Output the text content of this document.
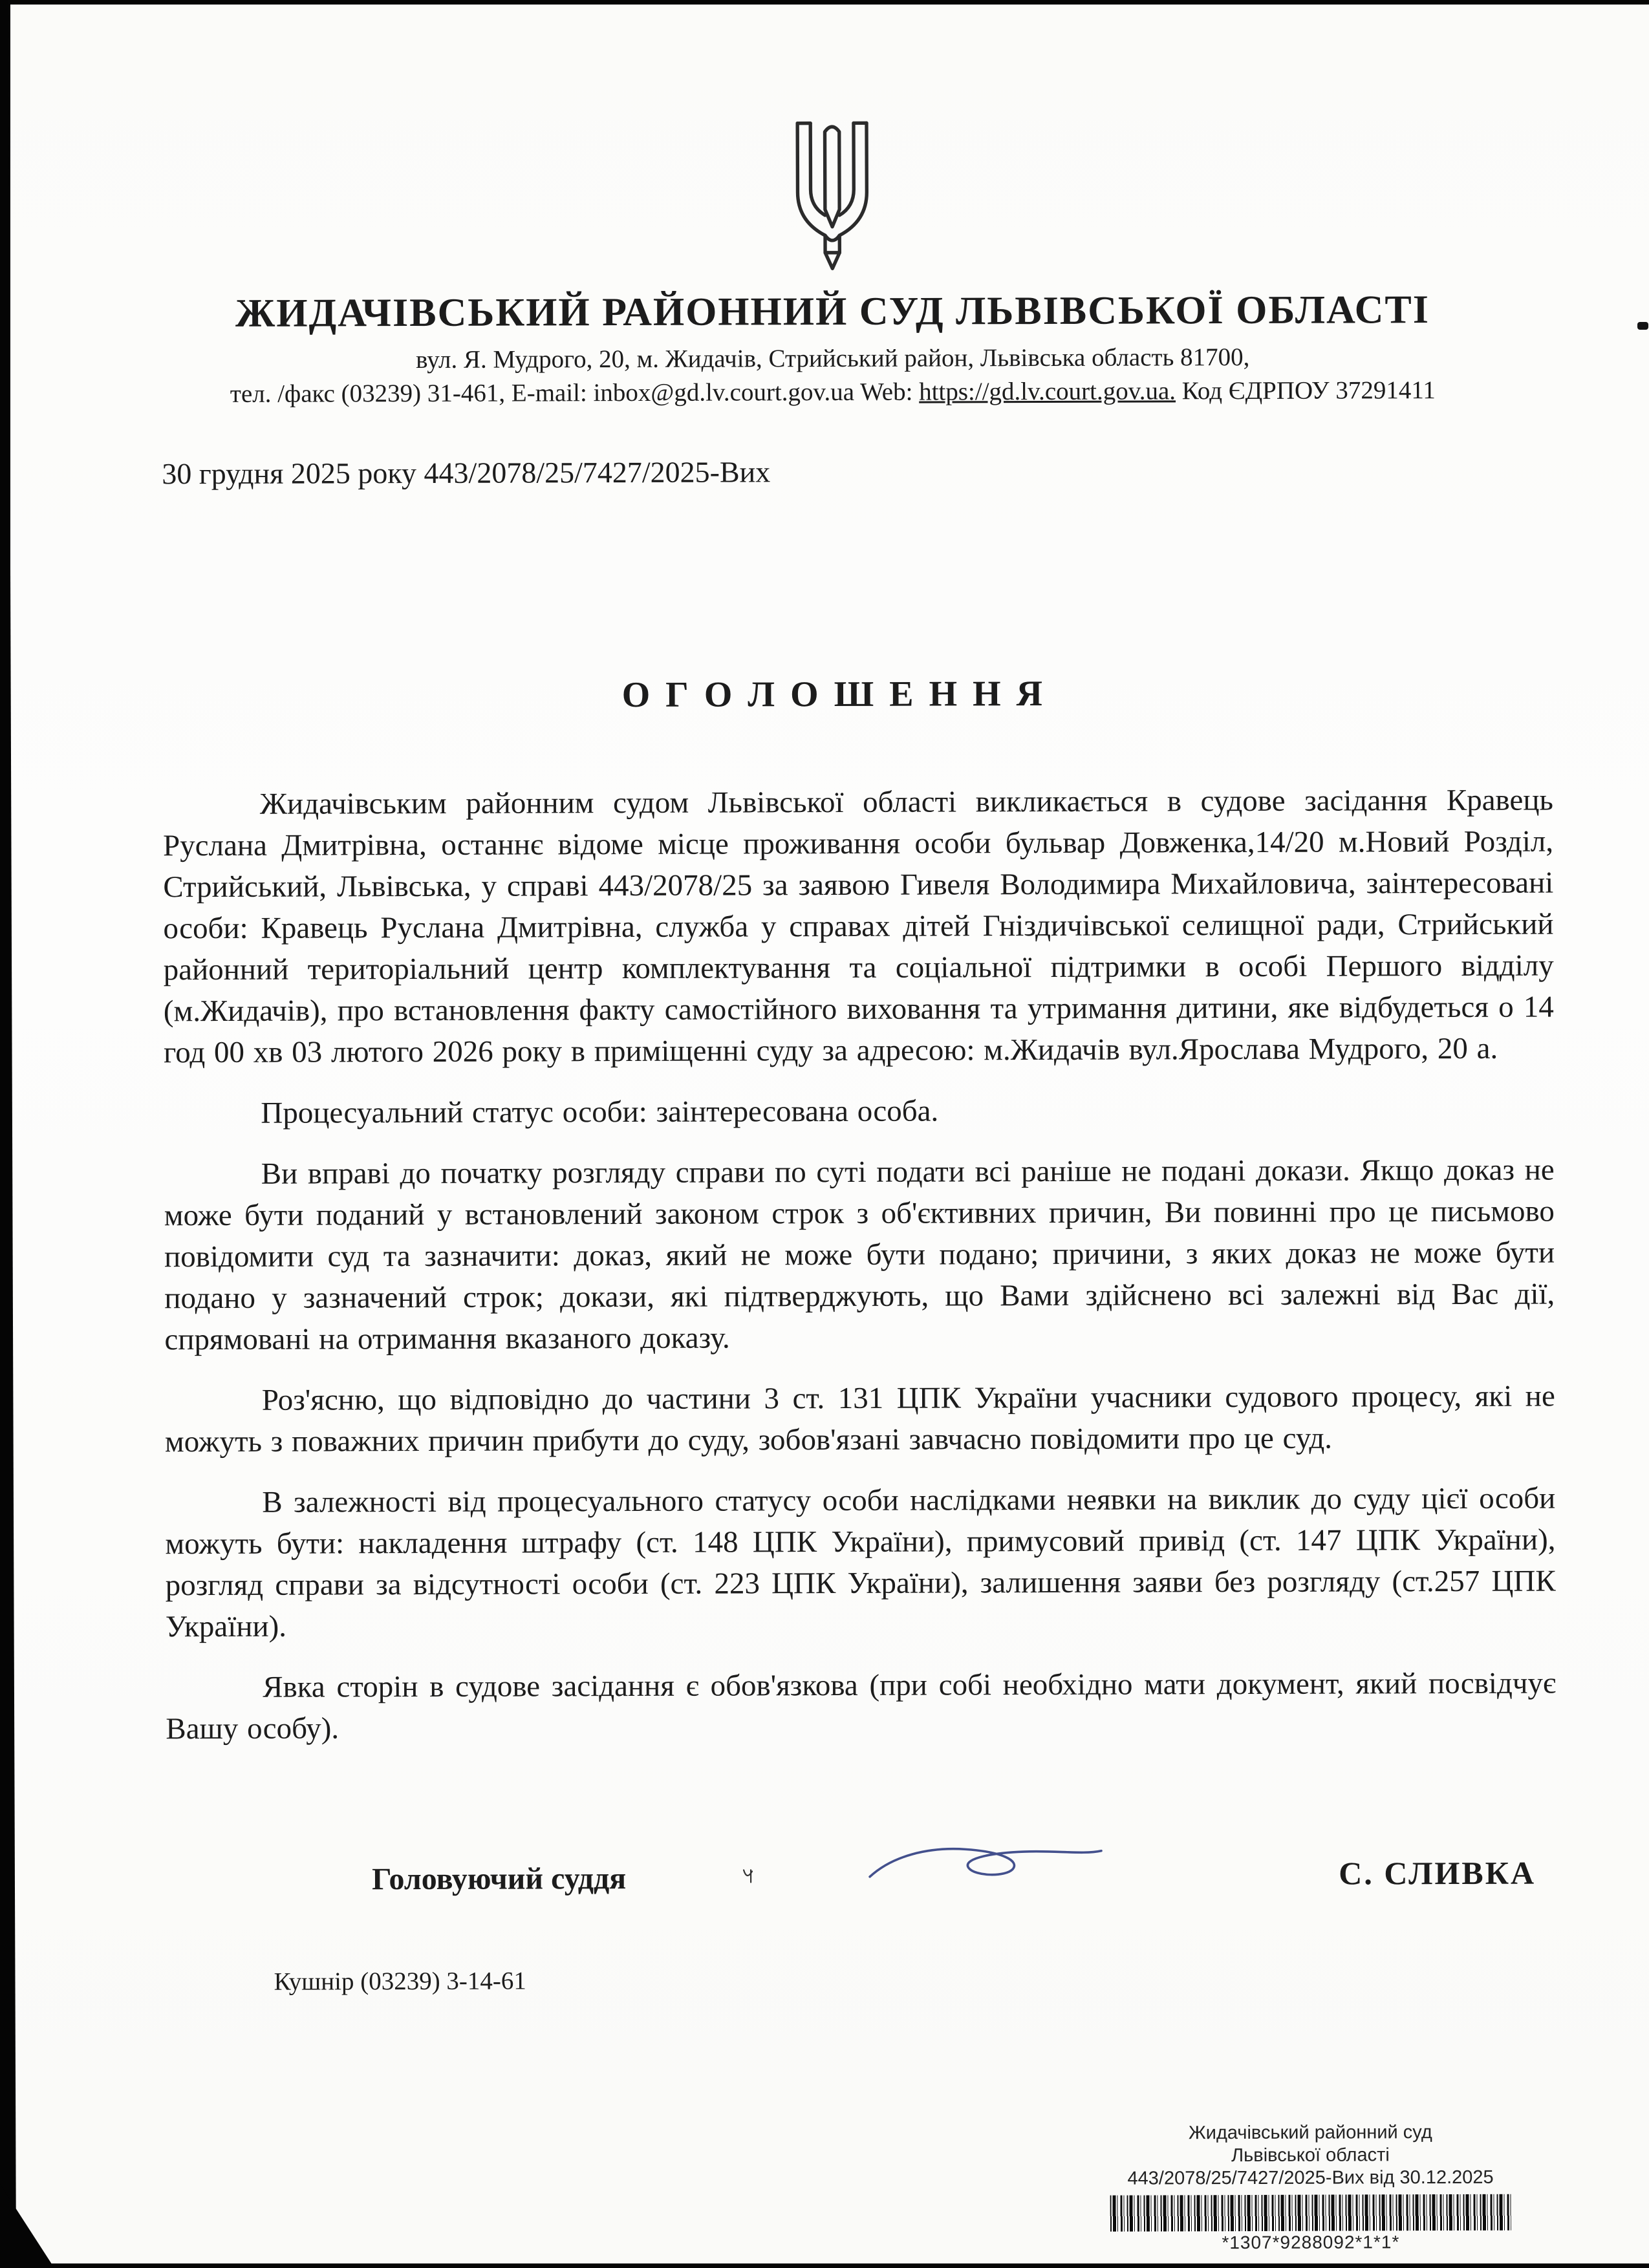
ЖИДАЧІВСЬКИЙ РАЙОННИЙ СУД ЛЬВІВСЬКОЇ ОБЛАСТІ
вул. Я. Мудрого, 20, м. Жидачів, Стрийський район, Львівська область 81700,
тел. /факс (03239) 31-461, E-mail: inbox@gd.lv.court.gov.ua Web: https://gd.lv.court.gov.ua. Код ЄДРПОУ 37291411
30 грудня 2025 року 443/2078/25/7427/2025-Вих
О Г О Л О Ш Е Н Н Я

Жидачівським районним судом Львівської області викликається в судове засідання Кравець Руслана Дмитрівна, останнє відоме місце проживання особи бульвар Довженка,14/20 м.Новий Розділ, Стрийський, Львівська, у справі 443/2078/25 за заявою Гивеля Володимира Михайловича, заінтересовані особи: Кравець Руслана Дмитрівна, служба у справах дітей Гніздичівської селищної ради, Стрийський районний територіальний центр комплектування та соціальної підтримки в особі Першого відділу (м.Жидачів), про встановлення факту самостійного виховання та утримання дитини, яке відбудеться о 14 год 00 хв 03 лютого 2026 року в приміщенні суду за адресою: м.Жидачів вул.Ярослава Мудрого, 20 а.

Процесуальний статус особи: заінтересована особа.

Ви вправі до початку розгляду справи по суті подати всі раніше не подані докази. Якщо доказ не може бути поданий у встановлений законом строк з об'єктивних причин, Ви повинні про це письмово повідомити суд та зазначити: доказ, який не може бути подано; причини, з яких доказ не може бути подано у зазначений строк; докази, які підтверджують, що Вами здійснено всі залежні від Вас дії, спрямовані на отримання вказаного доказу.

Роз'ясню, що відповідно до частини 3 ст. 131 ЦПК України учасники судового процесу, які не можуть з поважних причин прибути до суду, зобов'язані завчасно повідомити про це суд.

В залежності від процесуального статусу особи наслідками неявки на виклик до суду цієї особи можуть бути: накладення штрафу (ст. 148 ЦПК України), примусовий привід (ст. 147 ЦПК України), розгляд справи за відсутності особи (ст. 223 ЦПК України), залишення заяви без розгляду (ст.257 ЦПК України).

Явка сторін в судове засідання є обов'язкова (при собі необхідно мати документ, який посвідчує Вашу особу).

Головуючий суддя	С. СЛИВКА
Кушнір (03239) 3-14-61
Жидачівський районний суд
Львівської області
443/2078/25/7427/2025-Вих від 30.12.2025
*1307*9288092*1*1*
